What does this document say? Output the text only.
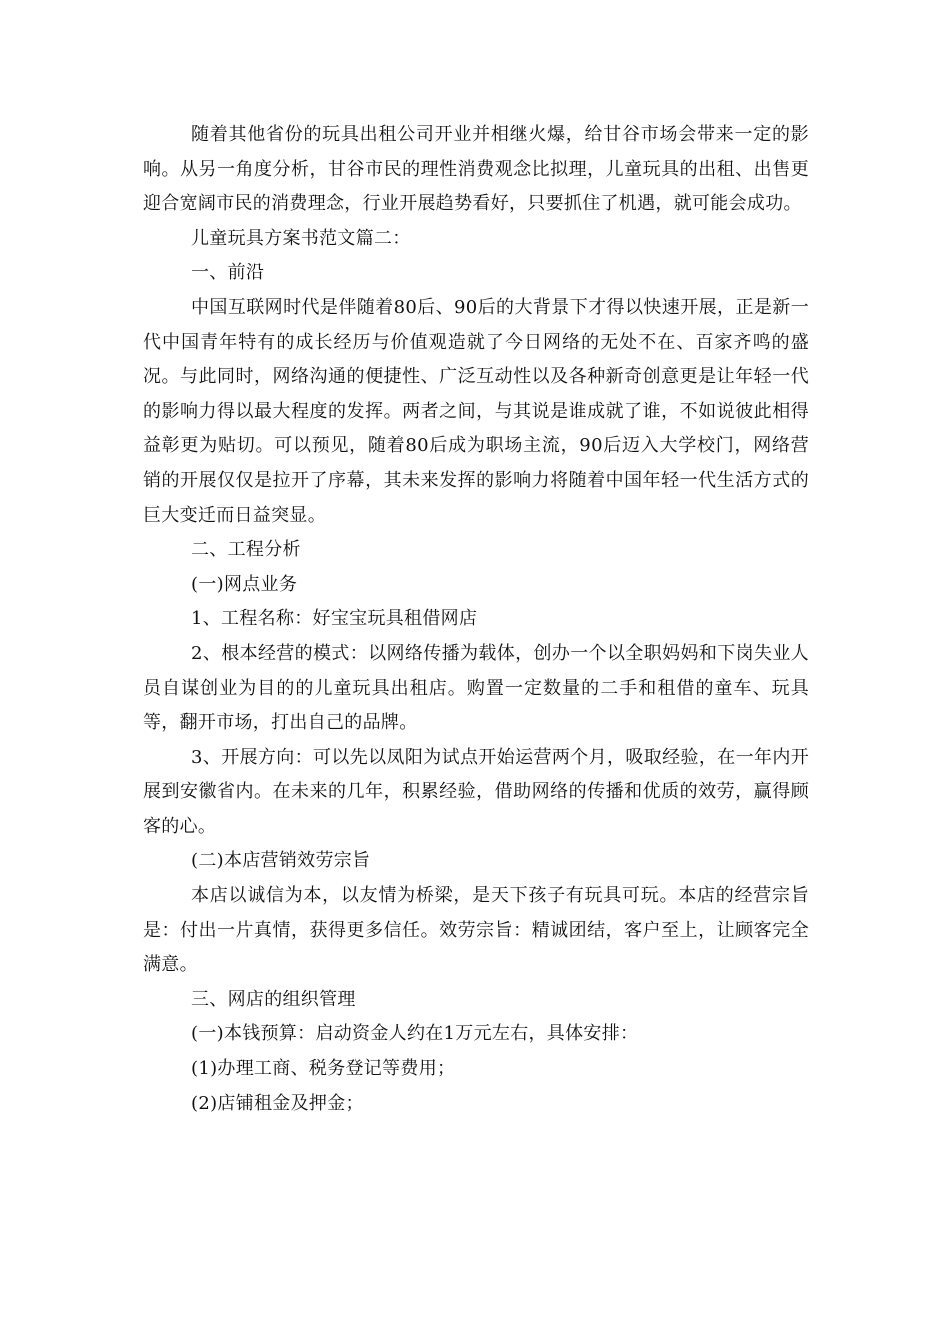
随着其他省份的玩具出租公司开业并相继火爆，给甘谷市场会带来一定的影响。从另一角度分析，甘谷市民的理性消费观念比拟理，儿童玩具的出租、出售更迎合宽阔市民的消费理念，行业开展趋势看好，只要抓住了机遇，就可能会成功。

儿童玩具方案书范文篇二：

一、前沿

中国互联网时代是伴随着80后、90后的大背景下才得以快速开展，正是新一代中国青年特有的成长经历与价值观造就了今日网络的无处不在、百家齐鸣的盛况。与此同时，网络沟通的便捷性、广泛互动性以及各种新奇创意更是让年轻一代的影响力得以最大程度的发挥。两者之间，与其说是谁成就了谁，不如说彼此相得益彰更为贴切。可以预见，随着80后成为职场主流，90后迈入大学校门，网络营销的开展仅仅是拉开了序幕，其未来发挥的影响力将随着中国年轻一代生活方式的巨大变迁而日益突显。

二、工程分析

(一)网点业务

1、工程名称：好宝宝玩具租借网店

2、根本经营的模式：以网络传播为载体，创办一个以全职妈妈和下岗失业人员自谋创业为目的的儿童玩具出租店。购置一定数量的二手和租借的童车、玩具等，翻开市场，打出自己的品牌。

3、开展方向：可以先以凤阳为试点开始运营两个月，吸取经验，在一年内开展到安徽省内。在未来的几年，积累经验，借助网络的传播和优质的效劳，赢得顾客的心。

(二)本店营销效劳宗旨

本店以诚信为本，以友情为桥梁，是天下孩子有玩具可玩。本店的经营宗旨是：付出一片真情，获得更多信任。效劳宗旨：精诚团结，客户至上，让顾客完全满意。

三、网店的组织管理

(一)本钱预算：启动资金人约在1万元左右，具体安排：

(1)办理工商、税务登记等费用；

(2)店铺租金及押金；
